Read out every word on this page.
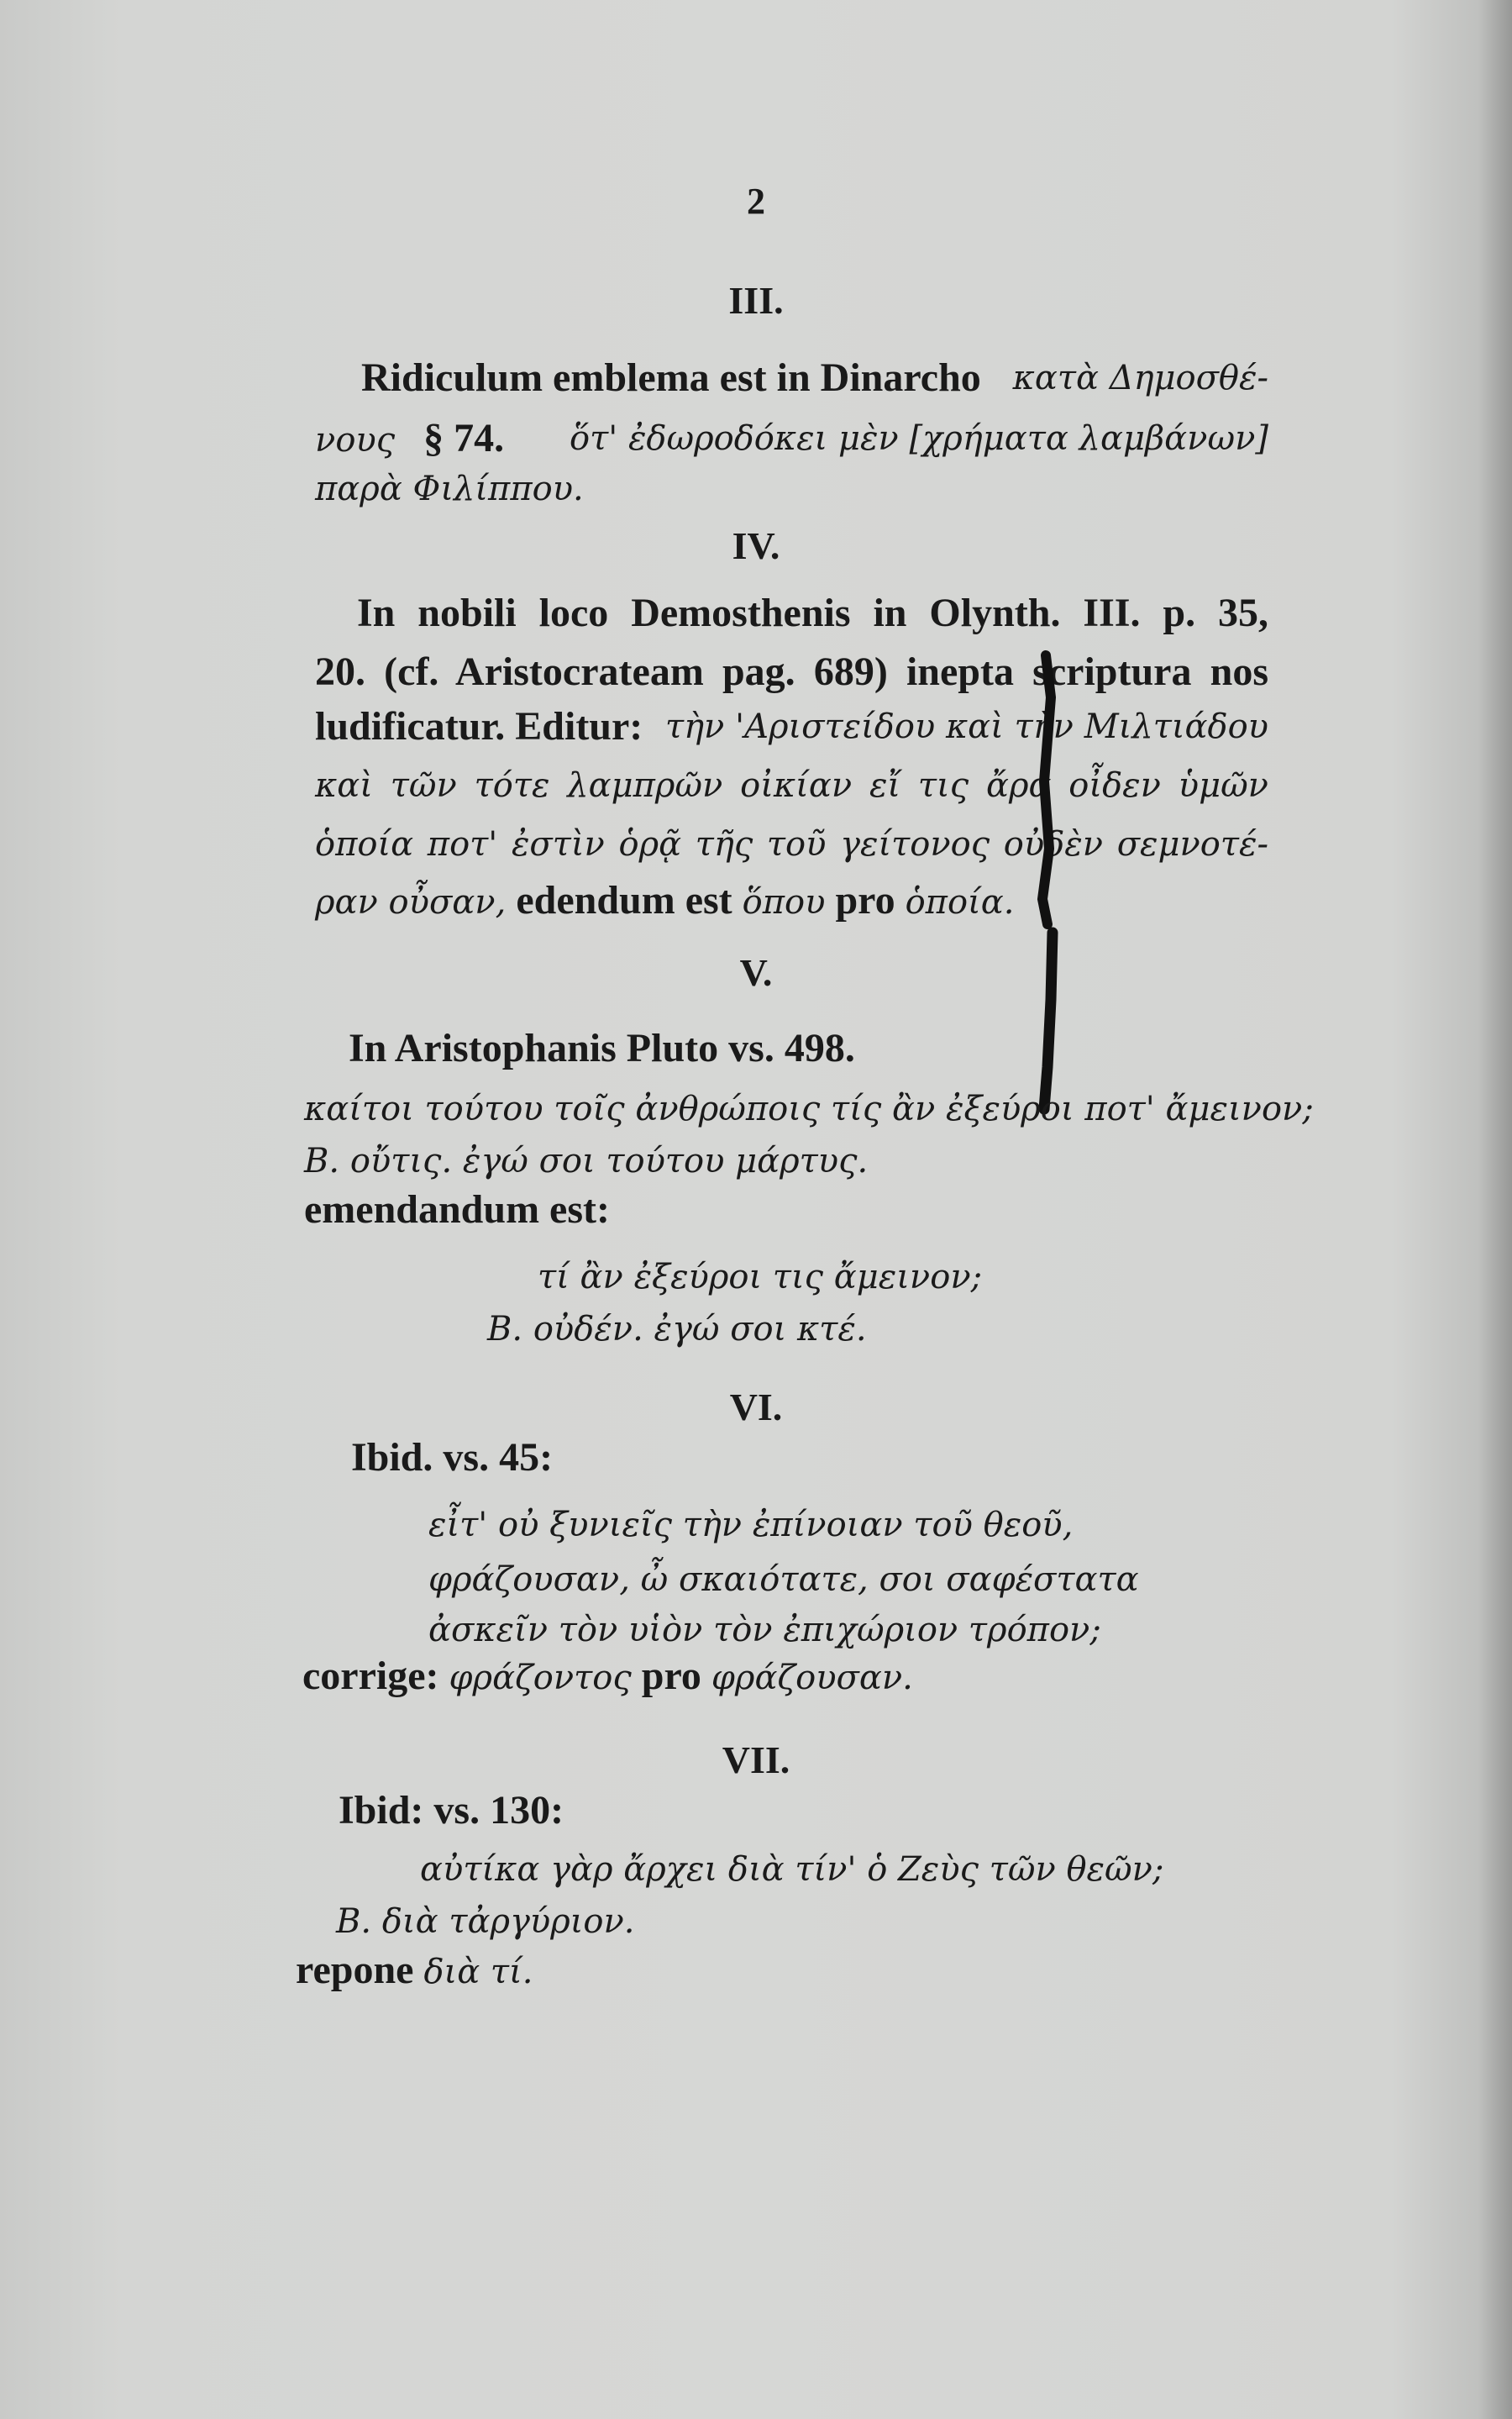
2
III.
Ridiculum emblema est in Dinarcho κατὰ Δημοσθέ-
νους § 74. ὅτ' ἐδωροδόκει μὲν [χρήματα λαμβάνων]
παρὰ Φιλίππου.
IV.
In nobili loco Demosthenis in Olynth. III. p. 35,
20. (cf. Aristocrateam pag. 689) inepta scriptura nos
ludificatur. Editur: τὴν 'Αριστείδου καὶ τὴν Μιλτιάδου
καὶ τῶν τότε λαμπρῶν οἰκίαν εἴ τις ἄρα οἶδεν ὑμῶν
ὁποία ποτ' ἐστὶν ὁρᾷ τῆς τοῦ γείτονος οὐδὲν σεμνοτέ-
ραν οὖσαν, edendum est ὅπου pro ὁποία.
V.
In Aristophanis Pluto vs. 498.
καίτοι τούτου τοῖς ἀνθρώποις τίς ἂν ἐξεύροι ποτ' ἄμεινον;
B. οὔτις. ἐγώ σοι τούτου μάρτυς.
emendandum est:
τί ἂν ἐξεύροι τις ἄμεινον;
B. οὐδέν. ἐγώ σοι κτέ.
VI.
Ibid. vs. 45:
εἶτ' οὐ ξυνιεῖς τὴν ἐπίνοιαν τοῦ θεοῦ,
φράζουσαν, ὦ σκαιότατε, σοι σαφέστατα
ἀσκεῖν τὸν υἱὸν τὸν ἐπιχώριον τρόπον;
corrige: φράζοντος pro φράζουσαν.
VII.
Ibid: vs. 130:
αὐτίκα γὰρ ἄρχει διὰ τίν' ὁ Ζεὺς τῶν θεῶν;
B. διὰ τἀργύριον.
repone διὰ τί.
